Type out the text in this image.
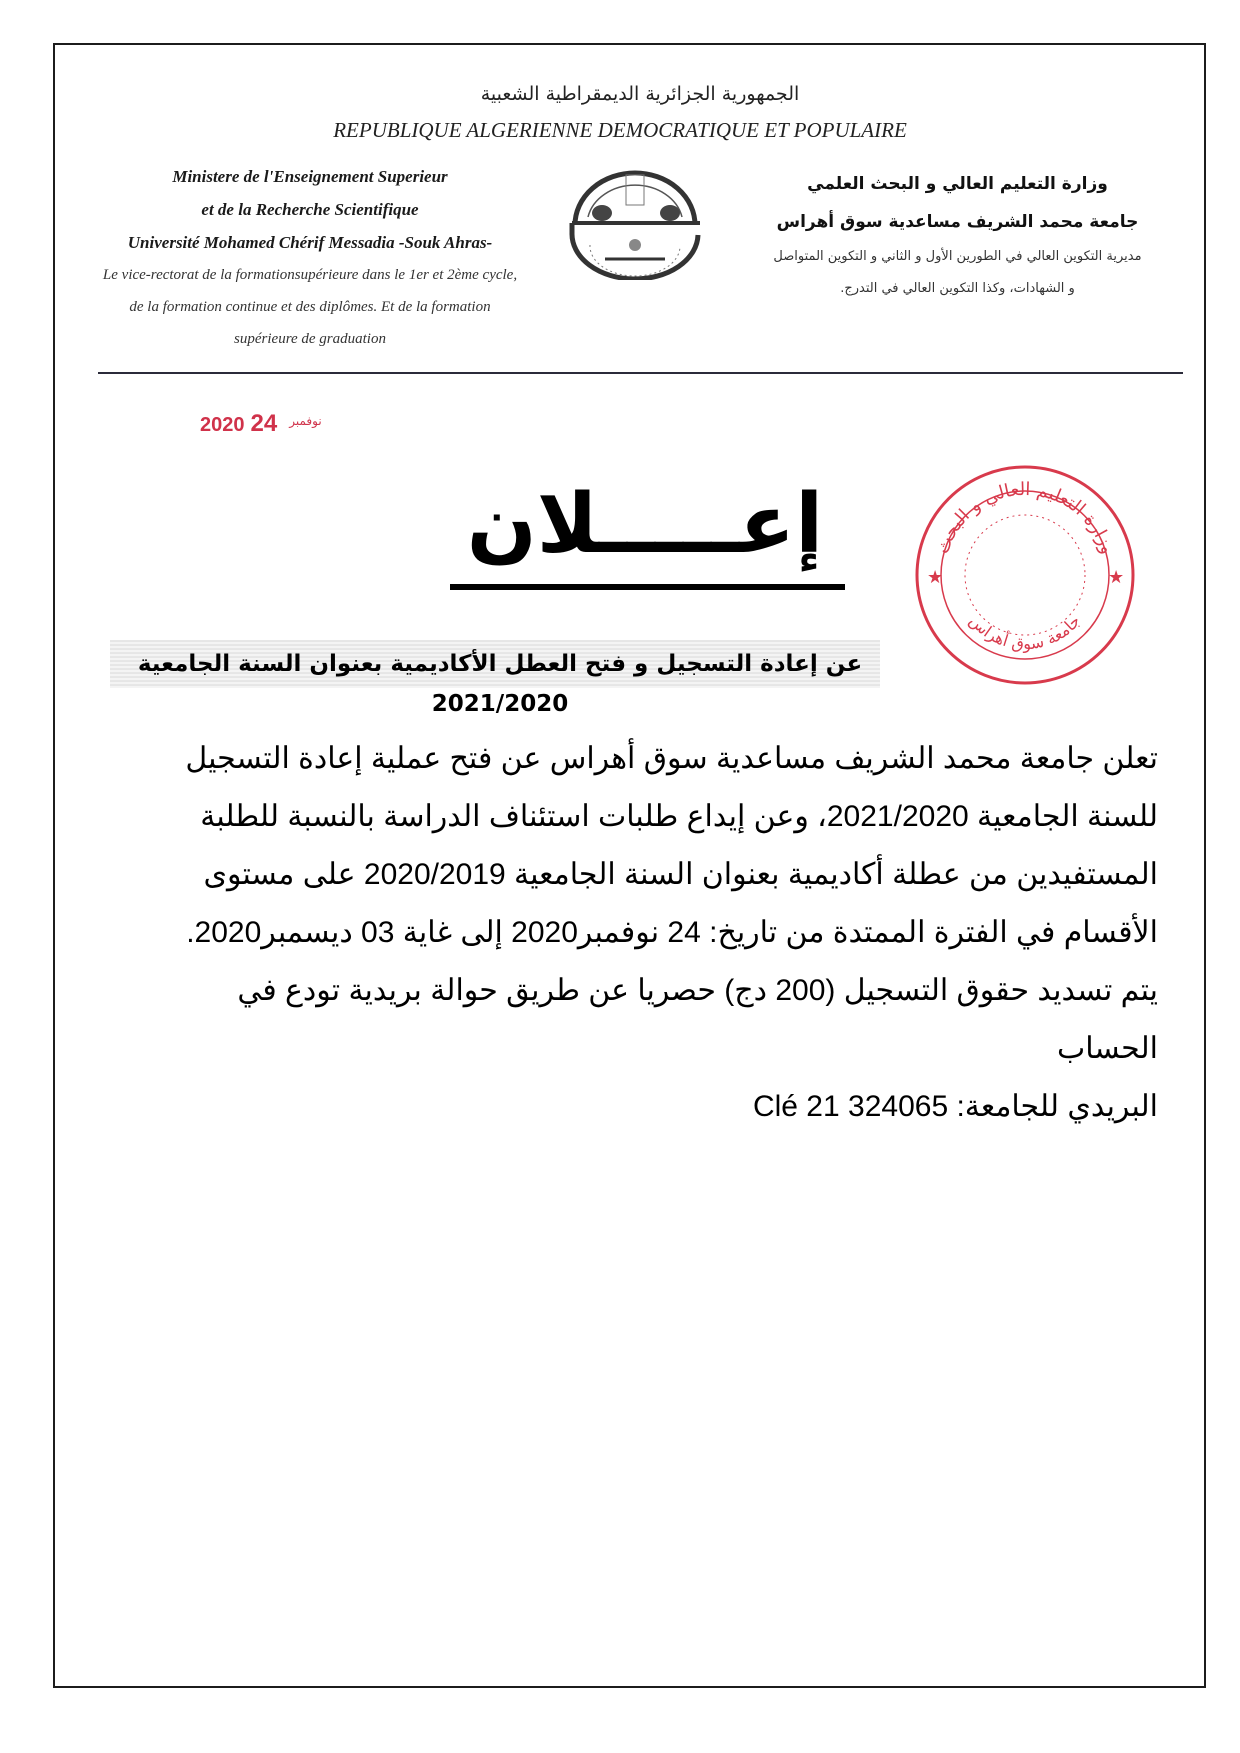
الجمهورية الجزائرية الديمقراطية الشعبية
REPUBLIQUE ALGERIENNE DEMOCRATIQUE ET POPULAIRE
Ministere de l'Enseignement Superieur
et de la Recherche Scientifique
Université Mohamed Chérif Messadia -Souk Ahras-
Le vice-rectorat de la formationsupérieure dans le 1er et 2ème cycle,
de la formation continue et des diplômes. Et de la formation
supérieure de graduation
وزارة التعليم العالي و البحث العلمي
جامعة محمد الشريف مساعدية سوق أهراس
مديرية التكوين العالي في الطورين الأول و الثاني و التكوين المتواصل
و الشهادات، وكذا التكوين العالي في التدرج.
2020	$^{نوفمبر}$24
إعـــــلان	وزارة التعليم العالي و البحث
جامعة سوق أهراس
★	★
عن إعادة التسجيل و فتح العطل الأكاديمية بعنوان السنة الجامعية 2021/2020
تعلن جامعة محمد الشريف مساعدية سوق أهراس عن فتح عملية إعادة التسجيل
للسنة الجامعية 2021/2020، وعن إيداع طلبات استئناف الدراسة بالنسبة للطلبة
المستفيدين من عطلة أكاديمية بعنوان السنة الجامعية 2020/2019 على مستوى
الأقسام في الفترة الممتدة من تاريخ: 24 نوفمبر2020 إلى غاية 03 ديسمبر2020.
يتم تسديد حقوق التسجيل (200 دج) حصريا عن طريق حوالة بريدية تودع في الحساب
البريدي للجامعة: 324065 Clé 21
